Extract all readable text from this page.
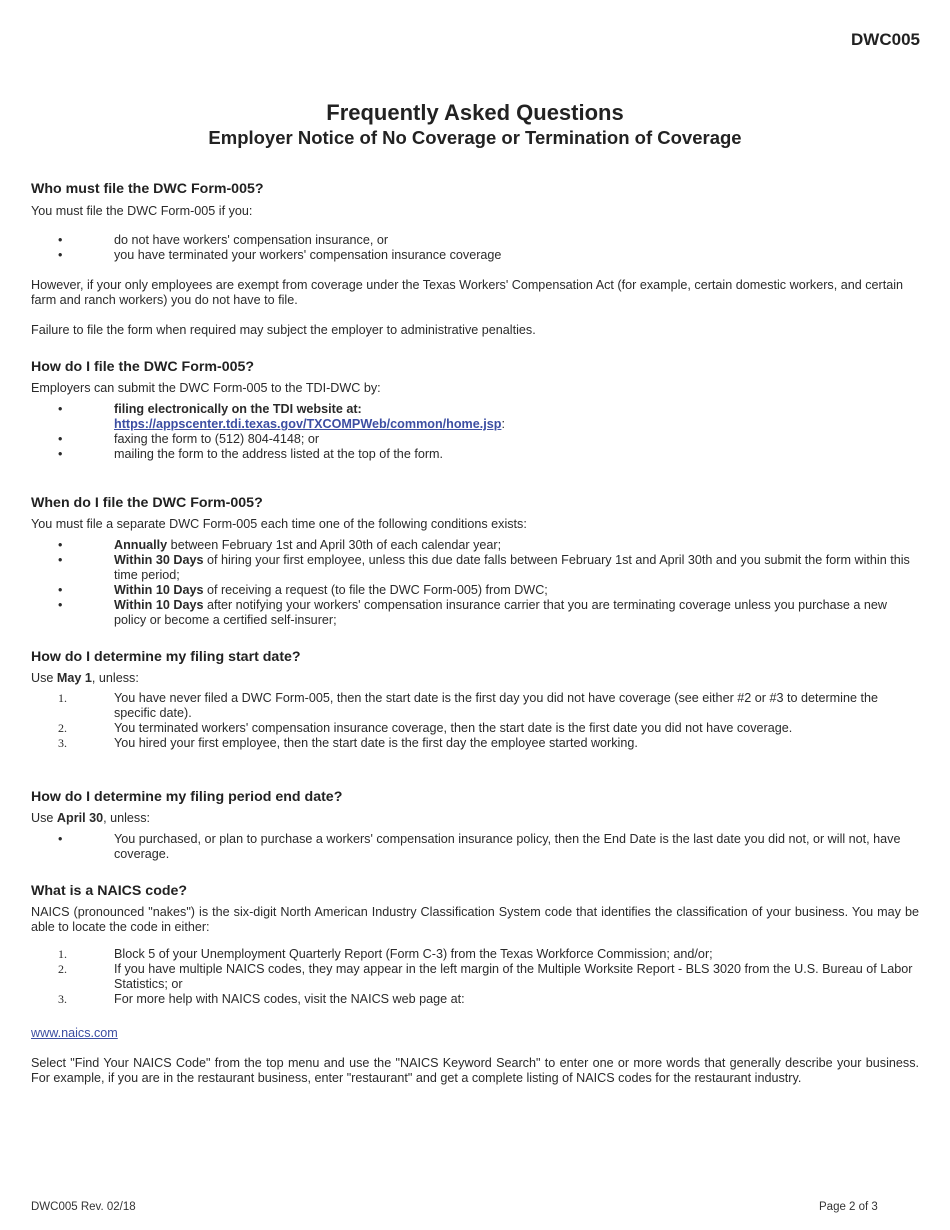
DWC005
Frequently Asked Questions
Employer Notice of No Coverage or Termination of Coverage
Who must file the DWC Form-005?

You must file the DWC Form-005 if you:

•	do not have workers' compensation insurance, or
•	you have terminated your workers' compensation insurance coverage

However, if your only employees are exempt from coverage under the Texas Workers' Compensation Act (for example, certain domestic workers, and certain farm and ranch workers) you do not have to file.

Failure to file the form when required may subject the employer to administrative penalties.

How do I file the DWC Form-005?

Employers can submit the DWC Form-005 to the TDI-DWC by:

•	filing electronically on the TDI website at:
https://appscenter.tdi.texas.gov/TXCOMPWeb/common/home.jsp:
•	faxing the form to (512) 804-4148; or
•	mailing the form to the address listed at the top of the form.
When do I file the DWC Form-005?

You must file a separate DWC Form-005 each time one of the following conditions exists:

•	Annually between February 1st and April 30th of each calendar year;
•	Within 30 Days of hiring your first employee, unless this due date falls between February 1st and April 30th and you submit the form within this time period;
•	Within 10 Days of receiving a request (to file the DWC Form-005) from DWC;
•	Within 10 Days after notifying your workers' compensation insurance carrier that you are terminating coverage unless you purchase a new policy or become a certified self-insurer;
How do I determine my filing start date?

Use May 1, unless:

1.	You have never filed a DWC Form-005, then the start date is the first day you did not have coverage (see either #2 or #3 to determine the specific date).
2.	You terminated workers' compensation insurance coverage, then the start date is the first date you did not have coverage.
3.	You hired your first employee, then the start date is the first day the employee started working.
How do I determine my filing period end date?

Use April 30, unless:

•	You purchased, or plan to purchase a workers' compensation insurance policy, then the End Date is the last date you did not, or will not, have coverage.
What is a NAICS code?

NAICS (pronounced "nakes") is the six-digit North American Industry Classification System code that identifies the classification of your business. You may be able to locate the code in either:

1.	Block 5 of your Unemployment Quarterly Report (Form C-3) from the Texas Workforce Commission; and/or;
2.	If you have multiple NAICS codes, they may appear in the left margin of the Multiple Worksite Report - BLS 3020 from the U.S. Bureau of Labor Statistics; or
3.	For more help with NAICS codes, visit the NAICS web page at:

www.naics.com

Select "Find Your NAICS Code" from the top menu and use the "NAICS Keyword Search" to enter one or more words that generally describe your business. For example, if you are in the restaurant business, enter "restaurant" and get a complete listing of NAICS codes for the restaurant industry.

DWC005 Rev. 02/18	Page 2 of 3
